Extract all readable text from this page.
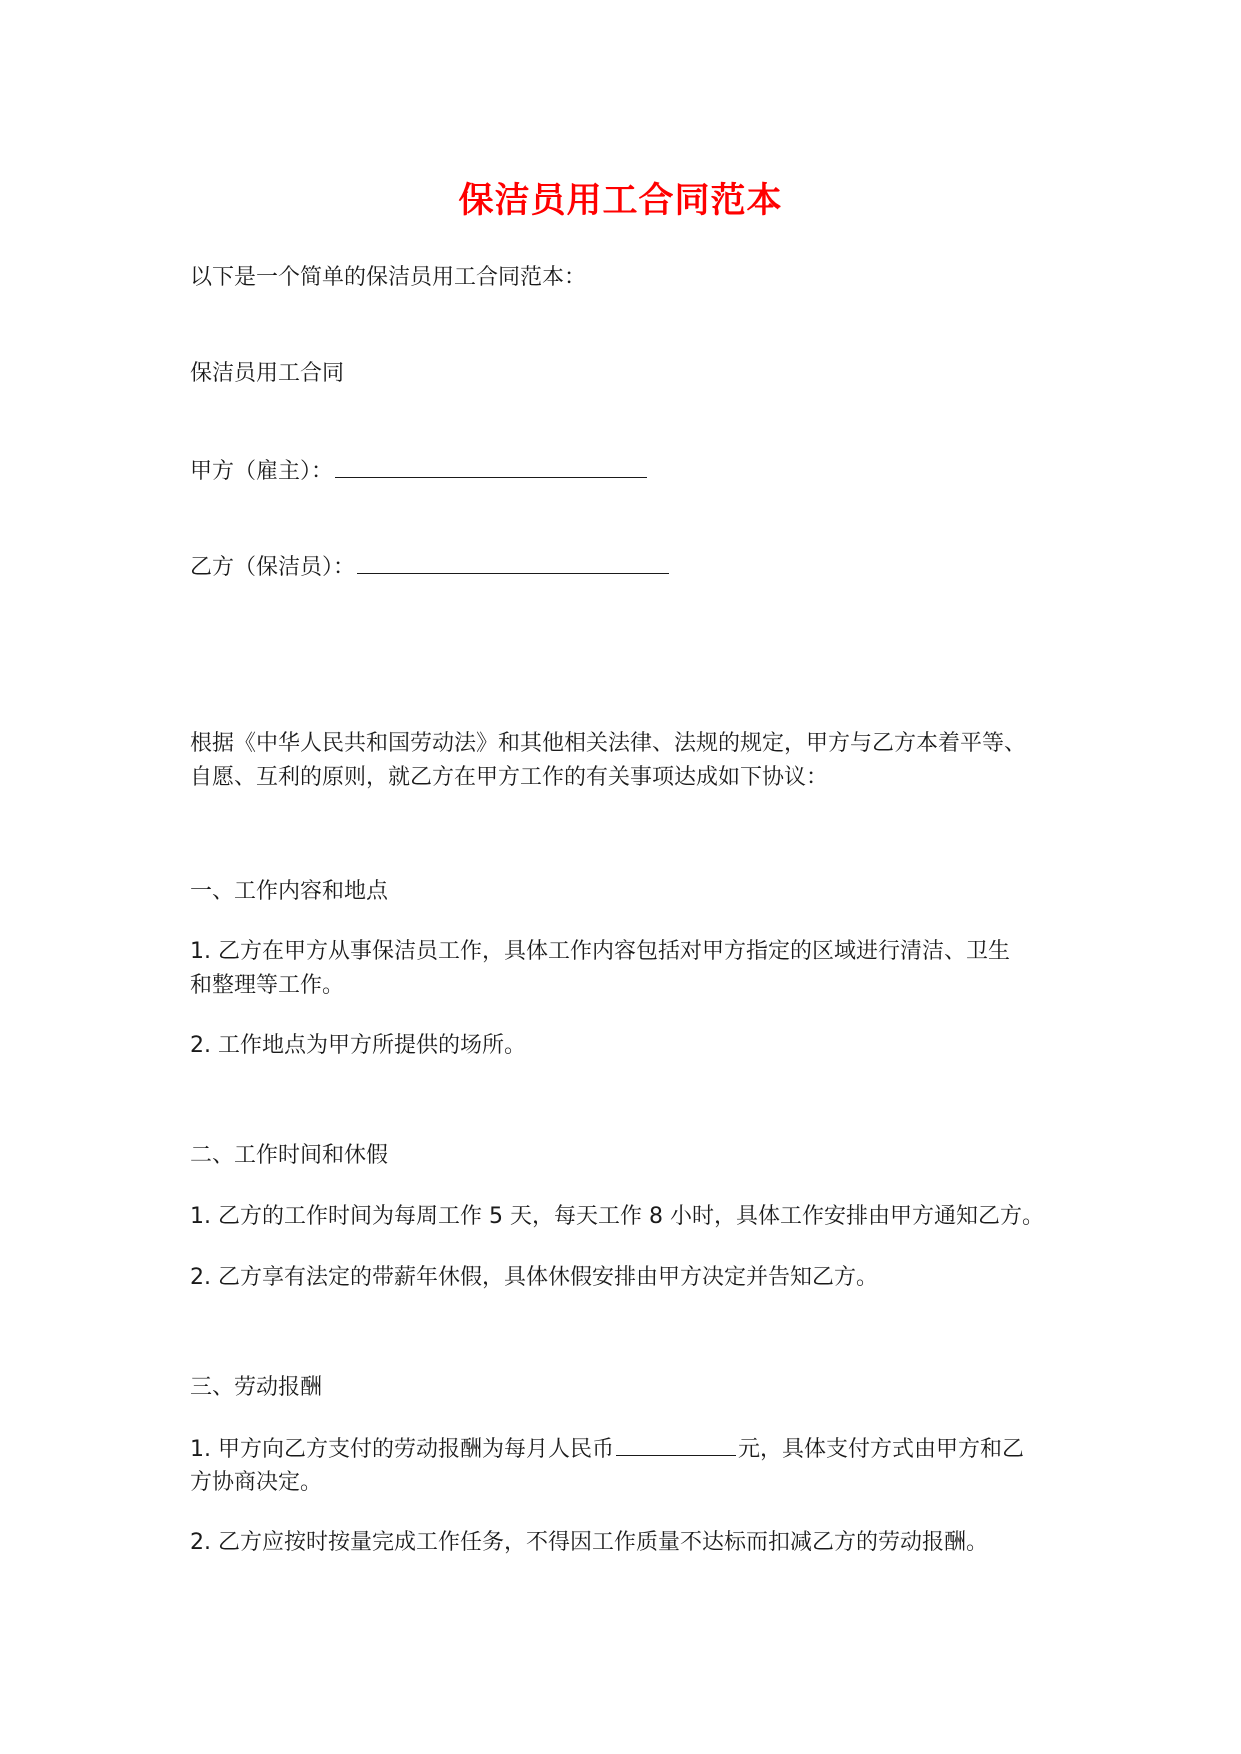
保洁员用工合同范本
以下是一个简单的保洁员用工合同范本：
保洁员用工合同
甲方（雇主）：
乙方（保洁员）：
根据《中华人民共和国劳动法》和其他相关法律、法规的规定，甲方与乙方本着平等、
自愿、互利的原则，就乙方在甲方工作的有关事项达成如下协议：
一、工作内容和地点
1. 乙方在甲方从事保洁员工作，具体工作内容包括对甲方指定的区域进行清洁、卫生
和整理等工作。
2. 工作地点为甲方所提供的场所。
二、工作时间和休假
1. 乙方的工作时间为每周工作 5 天，每天工作 8 小时，具体工作安排由甲方通知乙方。
2. 乙方享有法定的带薪年休假，具体休假安排由甲方决定并告知乙方。
三、劳动报酬
1. 甲方向乙方支付的劳动报酬为每月人民币	元，具体支付方式由甲方和乙
方协商决定。
2. 乙方应按时按量完成工作任务，不得因工作质量不达标而扣减乙方的劳动报酬。
